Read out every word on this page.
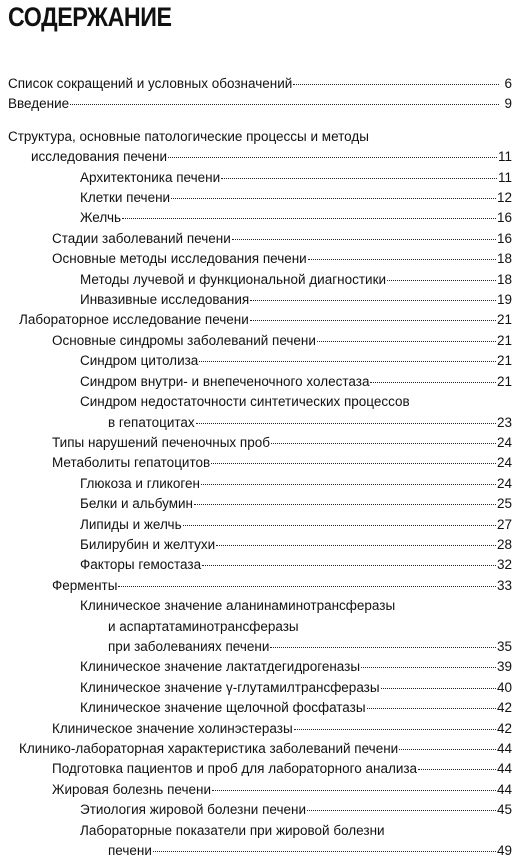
СОДЕРЖАНИЕ
Список сокращений и условных обозначений	6
Введение	9
Структура, основные патологические процессы и методы
исследования печени	11
Архитектоника печени	11
Клетки печени	12
Желчь	16
Стадии заболеваний печени	16
Основные методы исследования печени	18
Методы лучевой и функциональной диагностики	18
Инвазивные исследования	19
Лабораторное исследование печени	21
Основные синдромы заболеваний печени	21
Синдром цитолиза	21
Синдром внутри- и внепеченочного холестаза	21
Синдром недостаточности синтетических процессов
в гепатоцитах	23
Типы нарушений печеночных проб	24
Метаболиты гепатоцитов	24
Глюкоза и гликоген	24
Белки и альбумин	25
Липиды и желчь	27
Билирубин и желтухи	28
Факторы гемостаза	32
Ферменты	33
Клиническое значение аланинаминотрансферазы
и аспартатаминотрансферазы
при заболеваниях печени	35
Клиническое значение лактатдегидрогеназы	39
Клиническое значение γ-глутамилтрансферазы	40
Клиническое значение щелочной фосфатазы	42
Клиническое значение холинэстеразы	42
Клинико-лабораторная характеристика заболеваний печени	44
Подготовка пациентов и проб для лабораторного анализа	44
Жировая болезнь печени	44
Этиология жировой болезни печени	45
Лабораторные показатели при жировой болезни
печени	49
